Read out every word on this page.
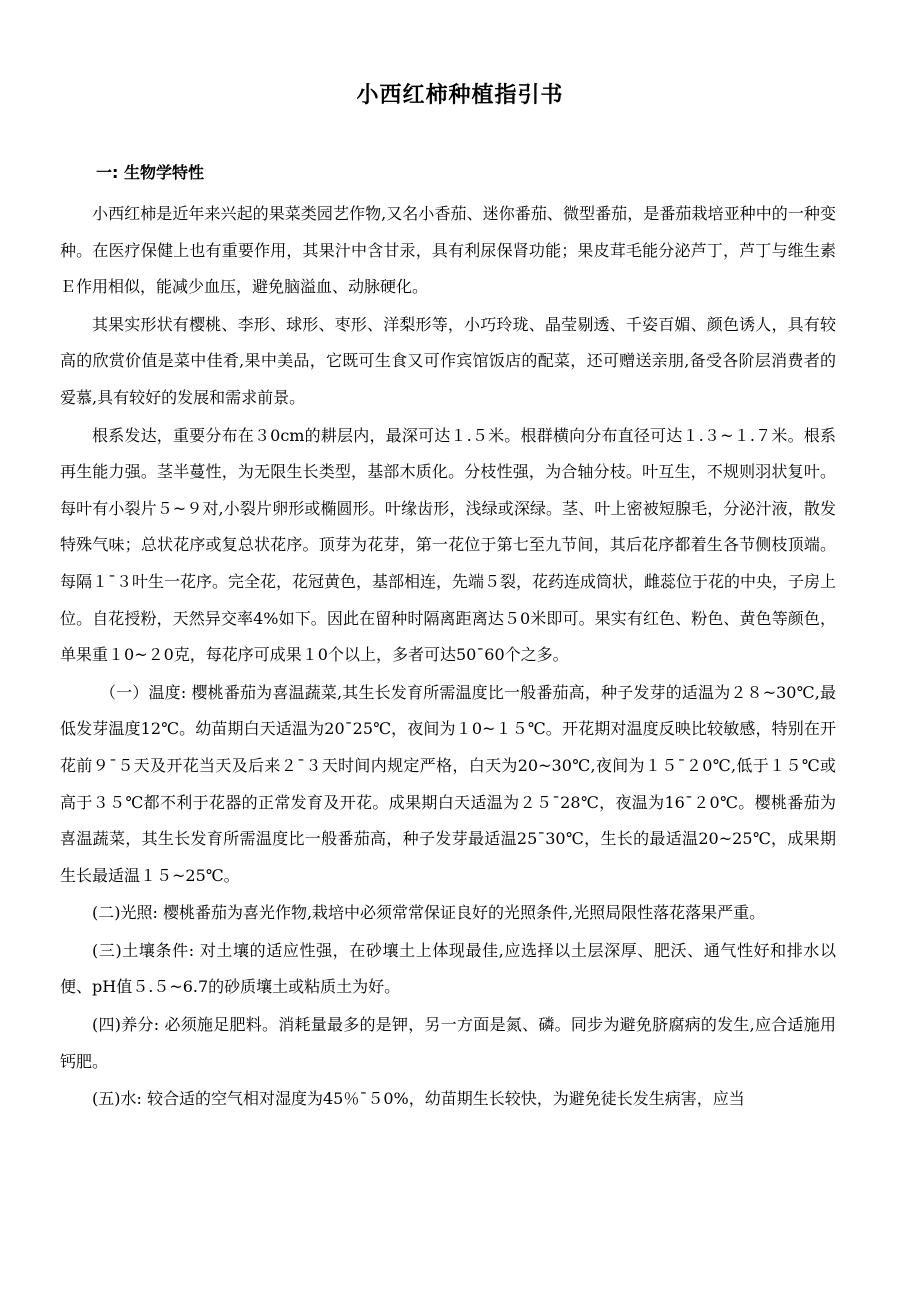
小西红柿种植指引书
一: 生物学特性

小西红柿是近年来兴起的果菜类园艺作物,又名小香茄、迷你番茄、微型番茄，是番茄栽培亚种中的一种变种。在医疗保健上也有重要作用，其果汁中含甘汞，具有利尿保肾功能；果皮茸毛能分泌芦丁，芦丁与维生素Ｅ作用相似，能减少血压，避免脑溢血、动脉硬化。

其果实形状有樱桃、李形、球形、枣形、洋梨形等，小巧玲珑、晶莹剔透、千姿百媚、颜色诱人，具有较高的欣赏价值是菜中佳肴,果中美品，它既可生食又可作宾馆饭店的配菜，还可赠送亲朋,备受各阶层消费者的爱慕,具有较好的发展和需求前景。

根系发达，重要分布在３0cm的耕层内，最深可达１.５米。根群横向分布直径可达１.３~１.７米。根系再生能力强。茎半蔓性，为无限生长类型，基部木质化。分枝性强，为合轴分枝。叶互生，不规则羽状复叶。每叶有小裂片５~９对,小裂片卵形或椭圆形。叶缘齿形，浅绿或深绿。茎、叶上密被短腺毛，分泌汁液，散发特殊气味；总状花序或复总状花序。顶芽为花芽，第一花位于第七至九节间，其后花序都着生各节侧枝顶端。每隔１¯３叶生一花序。完全花，花冠黄色，基部相连，先端５裂，花药连成筒状，雌蕊位于花的中央，子房上位。自花授粉，天然异交率4%如下。因此在留种时隔离距离达５0米即可。果实有红色、粉色、黄色等颜色，单果重１0~２0克，每花序可成果１0个以上，多者可达50¯60个之多。

（一）温度: 樱桃番茄为喜温蔬菜,其生长发育所需温度比一般番茄高，种子发芽的适温为２８~30℃,最低发芽温度12℃。幼苗期白天适温为20¯25℃，夜间为１0~１５℃。开花期对温度反映比较敏感，特别在开花前９¯５天及开花当天及后来２¯３天时间内规定严格，白天为20~30℃,夜间为１５¯２0℃,低于１５℃或高于３５℃都不利于花器的正常发育及开花。成果期白天适温为２５¯28℃，夜温为16¯２0℃。樱桃番茄为喜温蔬菜，其生长发育所需温度比一般番茄高，种子发芽最适温25¯30℃，生长的最适温20~25℃，成果期生长最适温１５~25℃。

(二)光照: 樱桃番茄为喜光作物,栽培中必须常常保证良好的光照条件,光照局限性落花落果严重。

(三)土壤条件: 对土壤的适应性强，在砂壤土上体现最佳,应选择以土层深厚、肥沃、通气性好和排水以便、pH值５.５~6.7的砂质壤土或粘质土为好。

(四)养分: 必须施足肥料。消耗量最多的是钾，另一方面是氮、磷。同步为避免脐腐病的发生,应合适施用钙肥。

(五)水: 较合适的空气相对湿度为45％¯５0%，幼苗期生长较快，为避免徒长发生病害，应当
